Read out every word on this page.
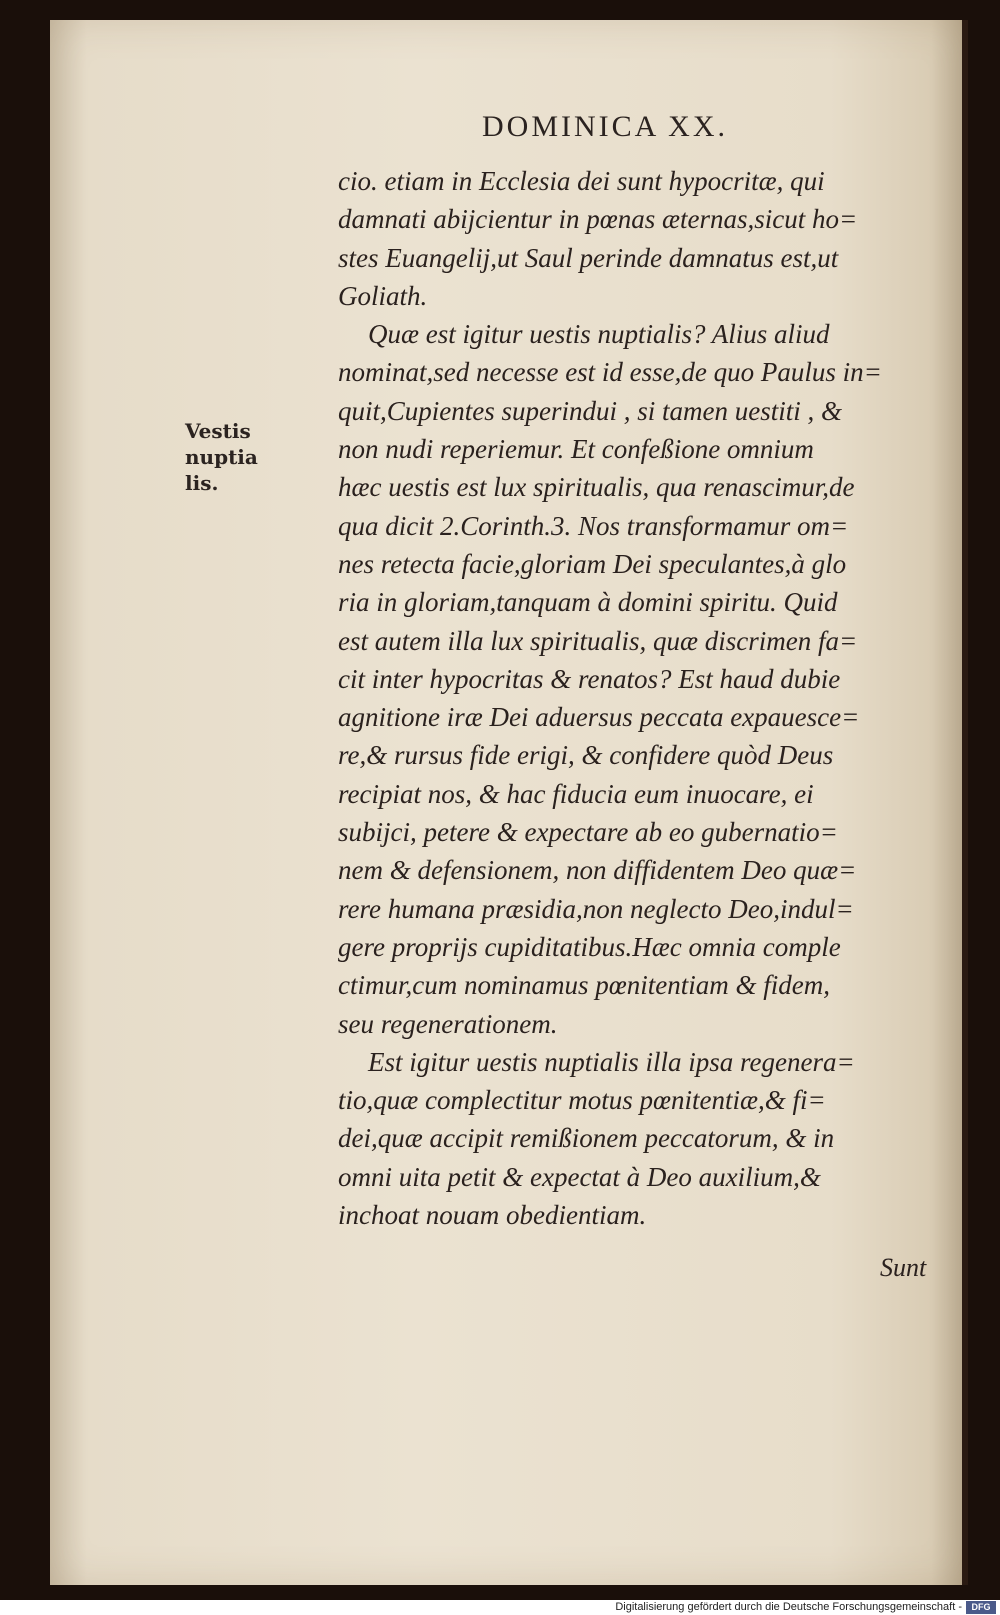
DOMINICA XX.
Vestis nuptia
lis.
cio. etiam in Ecclesia dei sunt hypocritæ, qui
damnati abijcientur in pœnas æternas,sicut ho=
stes Euangelij,ut Saul perinde damnatus est,ut
Goliath.
Quæ est igitur uestis nuptialis? Alius aliud
nominat,sed necesse est id esse,de quo Paulus in=
quit,Cupientes superindui , si tamen uestiti , &
non nudi reperiemur. Et confeßione omnium
hæc uestis est lux spiritualis, qua renascimur,de
qua dicit 2.Corinth.3. Nos transformamur om=
nes retecta facie,gloriam Dei speculantes,à glo
ria in gloriam,tanquam à domini spiritu. Quid
est autem illa lux spiritualis, quæ discrimen fa=
cit inter hypocritas & renatos? Est haud dubie
agnitione iræ Dei aduersus peccata expauesce=
re,& rursus fide erigi, & confidere quòd Deus
recipiat nos, & hac fiducia eum inuocare, ei
subijci, petere & expectare ab eo gubernatio=
nem & defensionem, non diffidentem Deo quæ=
rere humana præsidia,non neglecto Deo,indul=
gere proprijs cupiditatibus.Hæc omnia comple
ctimur,cum nominamus pœnitentiam & fidem,
seu regenerationem.
Est igitur uestis nuptialis illa ipsa regenera=
tio,quæ complectitur motus pœnitentiæ,& fi=
dei,quæ accipit remißionem peccatorum, & in
omni uita petit & expectat à Deo auxilium,&
inchoat nouam obedientiam.
Sunt
Digitalisierung gefördert durch die Deutsche Forschungsgemeinschaft -	DFG
